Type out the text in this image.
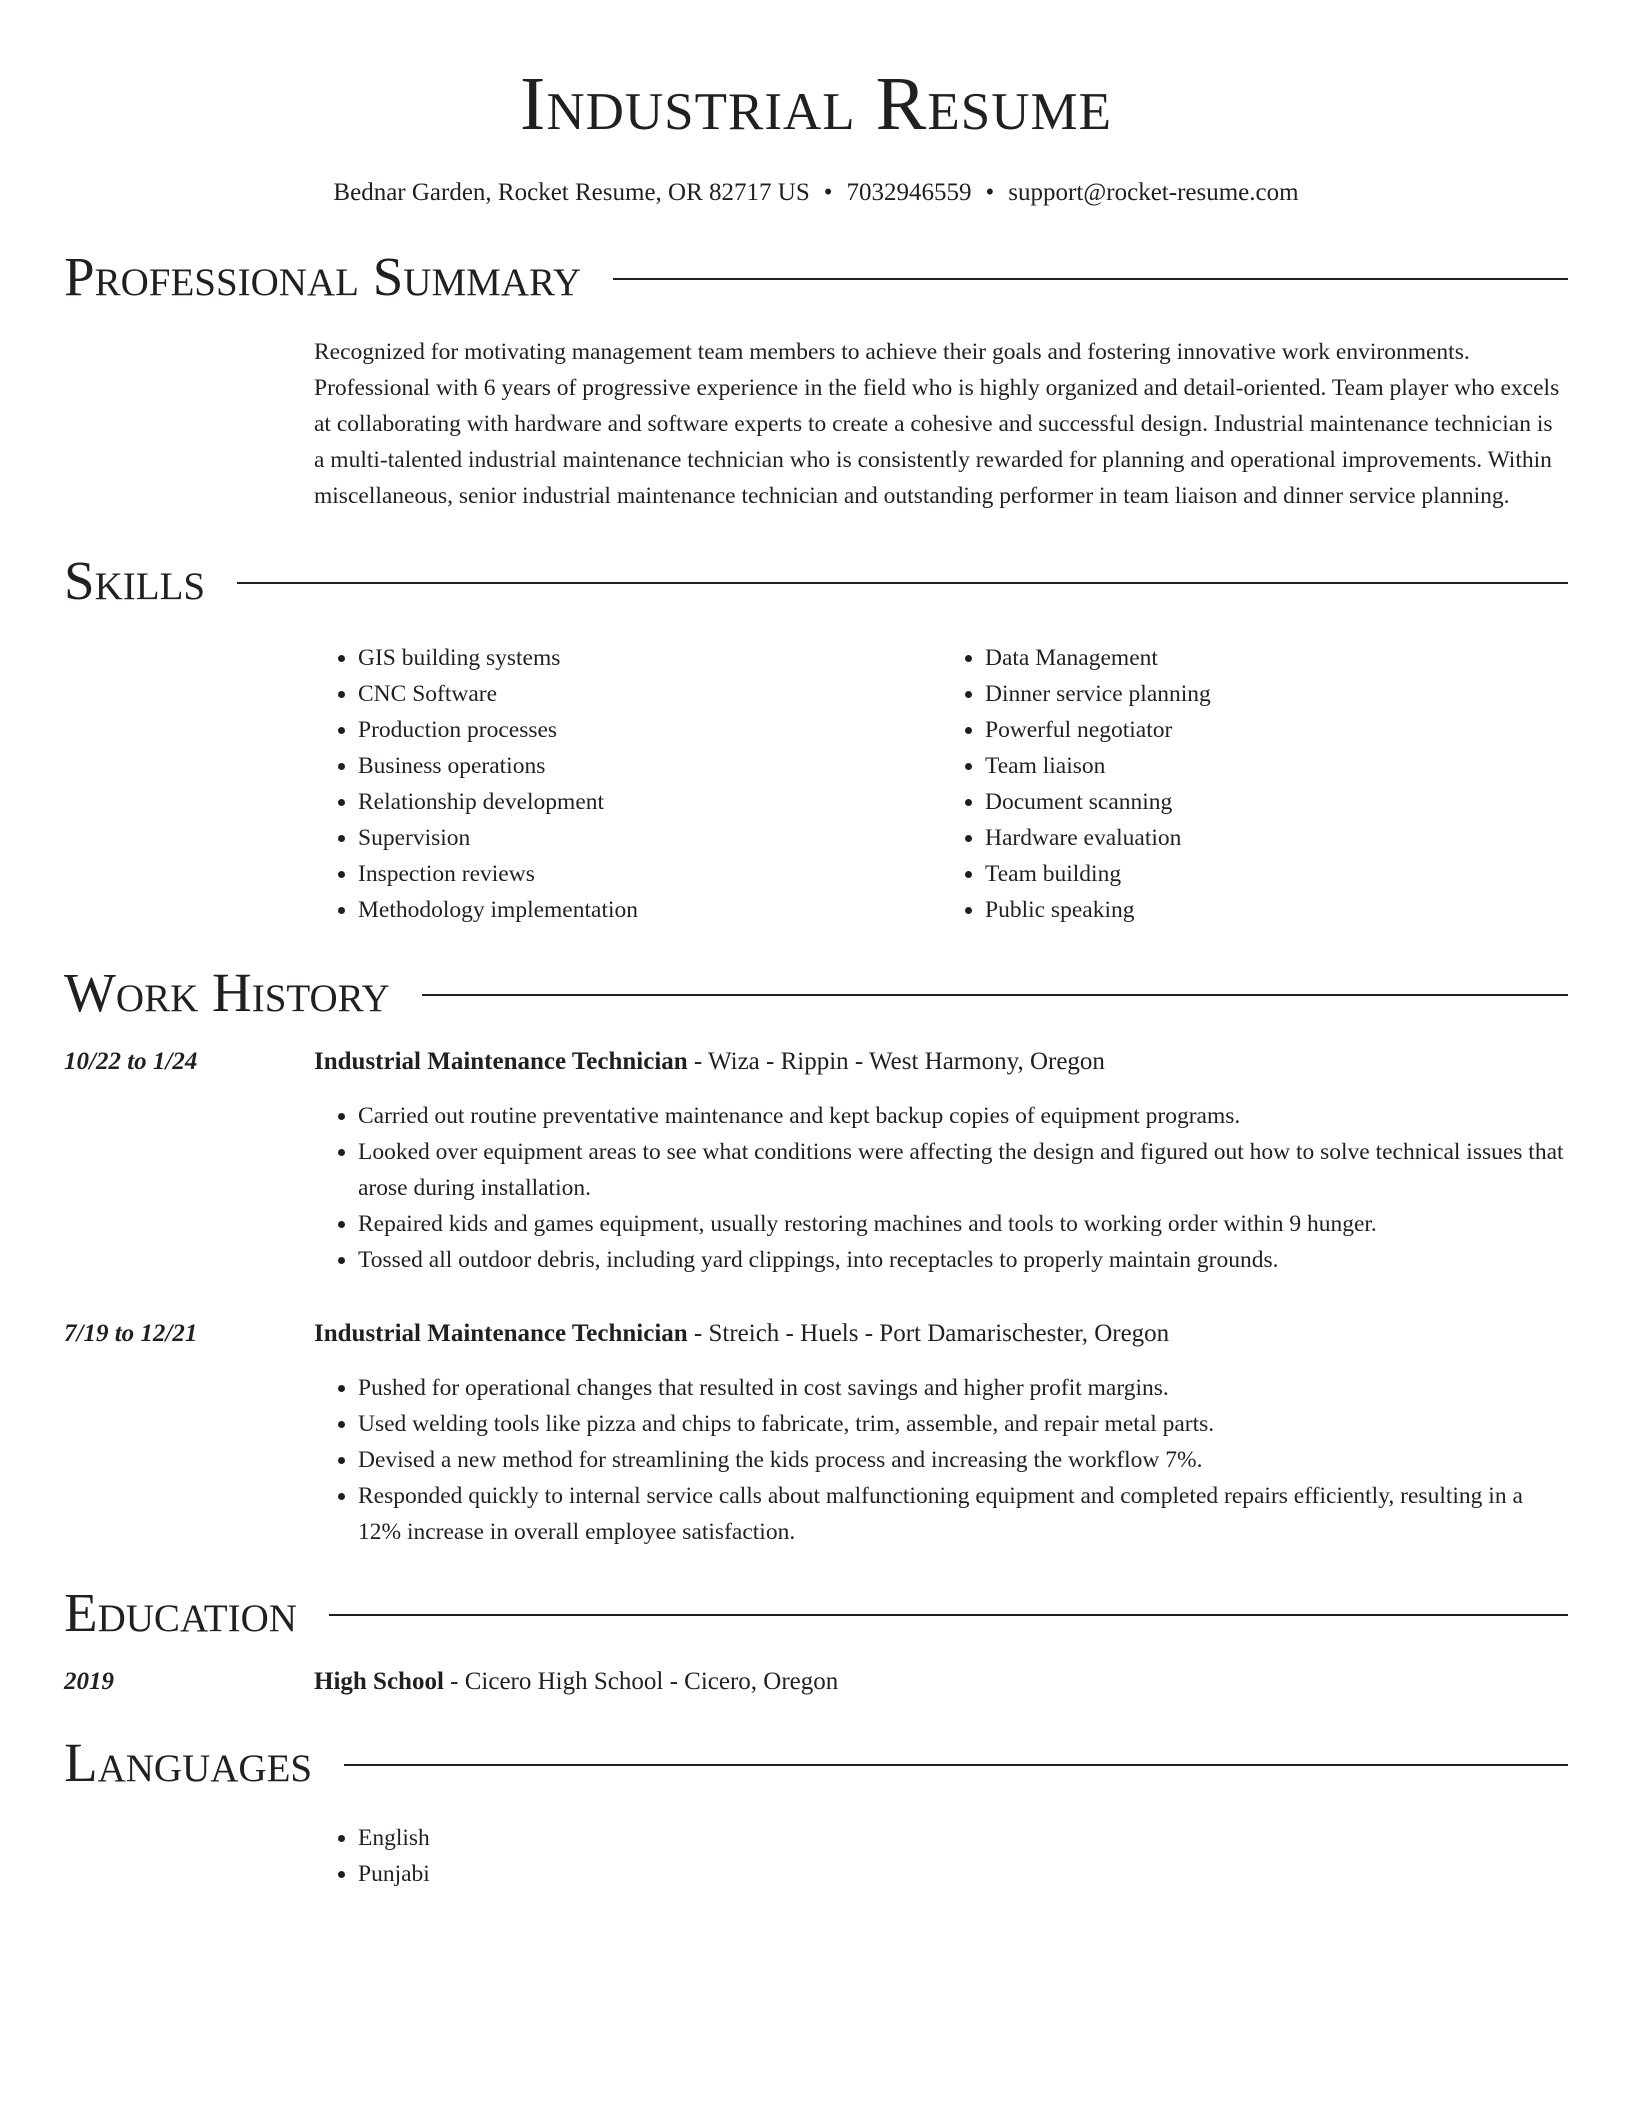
Industrial Resume
Bednar Garden, Rocket Resume, OR 82717 US • 7032946559 • support@rocket-resume.com
Professional Summary
Recognized for motivating management team members to achieve their goals and fostering innovative work environments. Professional with 6 years of progressive experience in the field who is highly organized and detail-oriented. Team player who excels at collaborating with hardware and software experts to create a cohesive and successful design. Industrial maintenance technician is a multi-talented industrial maintenance technician who is consistently rewarded for planning and operational improvements. Within miscellaneous, senior industrial maintenance technician and outstanding performer in team liaison and dinner service planning.
Skills
• GIS building systems
• CNC Software
• Production processes
• Business operations
• Relationship development
• Supervision
• Inspection reviews
• Methodology implementation
• Data Management
• Dinner service planning
• Powerful negotiator
• Team liaison
• Document scanning
• Hardware evaluation
• Team building
• Public speaking
Work History
10/22 to 1/24	Industrial Maintenance Technician - Wiza - Rippin - West Harmony, Oregon
• Carried out routine preventative maintenance and kept backup copies of equipment programs.
• Looked over equipment areas to see what conditions were affecting the design and figured out how to solve technical issues that arose during installation.
• Repaired kids and games equipment, usually restoring machines and tools to working order within 9 hunger.
• Tossed all outdoor debris, including yard clippings, into receptacles to properly maintain grounds.
7/19 to 12/21	Industrial Maintenance Technician - Streich - Huels - Port Damarischester, Oregon
• Pushed for operational changes that resulted in cost savings and higher profit margins.
• Used welding tools like pizza and chips to fabricate, trim, assemble, and repair metal parts.
• Devised a new method for streamlining the kids process and increasing the workflow 7%.
• Responded quickly to internal service calls about malfunctioning equipment and completed repairs efficiently, resulting in a 12% increase in overall employee satisfaction.
Education
2019	High School - Cicero High School - Cicero, Oregon
Languages
• English
• Punjabi
